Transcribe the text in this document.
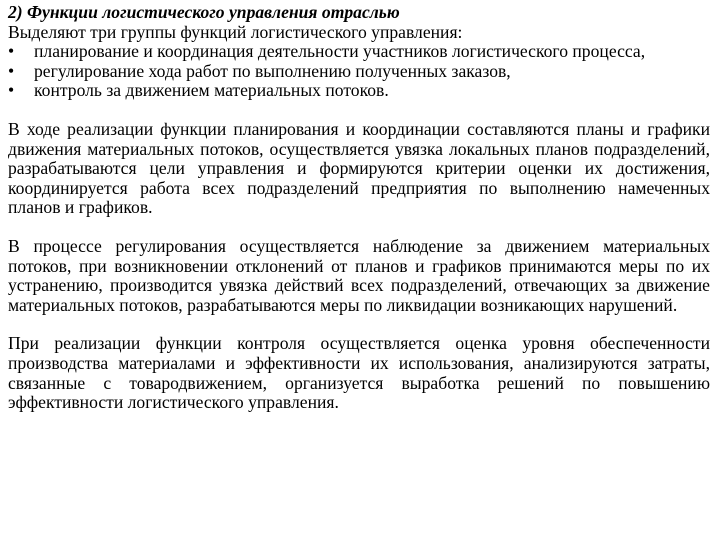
2) Функции логистического управления отраслью
Выделяют три группы функций логистического управления:
•	планирование и координация деятельности участников логистического процесса,
•	регулирование хода работ по выполнению полученных заказов,
•	контроль за движением материальных потоков.
В ходе реализации функции планирования и координации составляются планы и графики движения материальных потоков, осуществляется увязка локальных планов подразделений, разрабатываются цели управления и формируются критерии оценки их достижения, координируется работа всех подразделений предприятия по выполнению намеченных планов и графиков.
В процессе регулирования осуществляется наблюдение за движением материальных потоков, при возникновении отклонений от планов и графиков принимаются меры по их устранению, производится увязка действий всех подразделений, отвечающих за движение материальных потоков, разрабатываются меры по ликвидации возникающих нарушений.
При реализации функции контроля осуществляется оценка уровня обеспеченности производства материалами и эффективности их использования, анализируются затраты, связанные с товародвижением, организуется выработка решений по повышению эффективности логистического управления.
